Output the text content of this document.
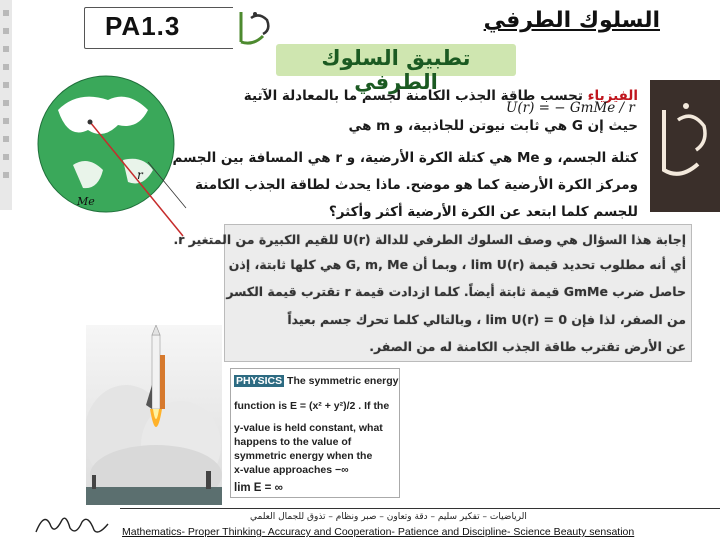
PA1.3	السلوك الطرفي
تطبيق السلوك الطرفي
r
Me
الفيزياء تحسب طاقة الجذب الكامنة لجسم ما بالمعادلة الآتية
حيث إن G هي ثابت نيوتن للجاذبية، و m هي
U(r) = − GmMe / r
كتلة الجسم، و Me هي كتلة الكرة الأرضية، و r هي المسافة بين الجسم
ومركز الكرة الأرضية كما هو موضح. ماذا يحدث لطاقة الجذب الكامنة
للجسم كلما ابتعد عن الكرة الأرضية أكثر وأكثر؟
إجابة هذا السؤال هي وصف السلوك الطرفي للدالة U(r) للقيم الكبيرة من المتغير r.
أي أنه مطلوب تحديد قيمة lim U(r) ، وبما أن G, m, Me هي كلها ثابتة، إذن
حاصل ضرب GmMe قيمة ثابتة أيضاً. كلما ازدادت قيمة r تقترب قيمة الكسر
من الصفر، لذا فإن lim U(r) = 0 ، وبالتالي كلما تحرك جسم بعيداً
عن الأرض تقترب طاقة الجذب الكامنة له من الصفر.
PHYSICS The symmetric energy
function is E = (x² + y²)/2 . If the
y-value is held constant, what
happens to the value of
symmetric energy when the
x-value approaches −∞
lim E = ∞
الرياضيات – تفكير سليم – دقة وتعاون – صبر ونظام – تذوق للجمال العلمي
Mathematics- Proper Thinking- Accuracy and Cooperation- Patience and Discipline- Science Beauty sensation
